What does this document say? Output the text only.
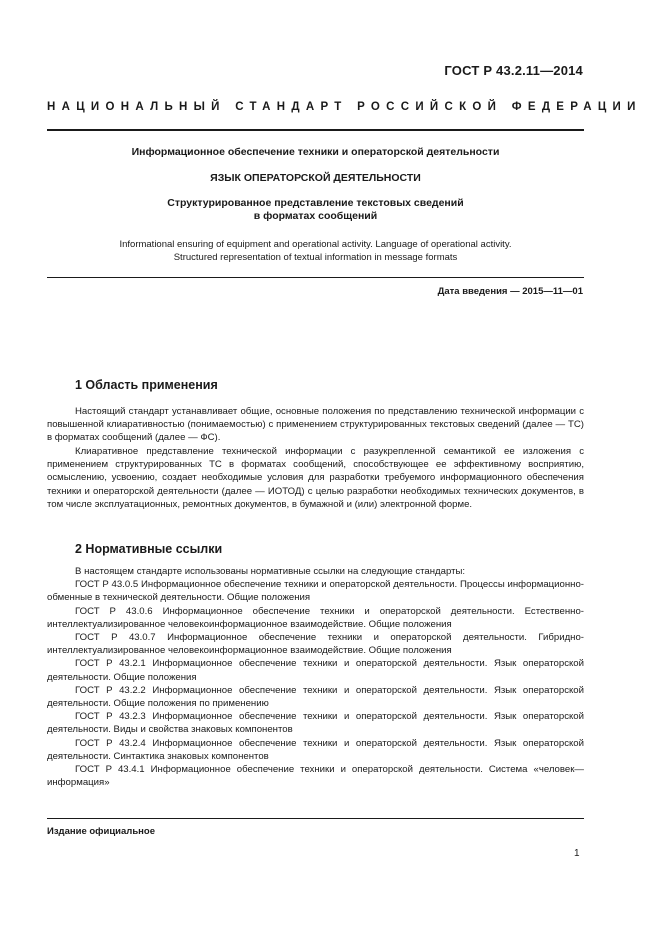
ГОСТ Р 43.2.11—2014
НАЦИОНАЛЬНЫЙ СТАНДАРТ РОССИЙСКОЙ ФЕДЕРАЦИИ
Информационное обеспечение техники и операторской деятельности
ЯЗЫК ОПЕРАТОРСКОЙ ДЕЯТЕЛЬНОСТИ
Структурированное представление текстовых сведений
в форматах сообщений
Informational ensuring of equipment and operational activity. Language of operational activity.
Structured representation of textual information in message formats
Дата введения — 2015—11—01
1 Область применения
Настоящий стандарт устанавливает общие, основные положения по представлению технической информации с повышенной клиаративностью (понимаемостью) с применением структурированных текстовых сведений (далее — ТС) в форматах сообщений (далее — ФС).
Клиаративное представление технической информации с разукрепленной семантикой ее изложения с применением структурированных ТС в форматах сообщений, способствующее ее эффективному восприятию, осмыслению, усвоению, создает необходимые условия для разработки требуемого информационного обеспечения техники и операторской деятельности (далее — ИОТОД) с целью разработки необходимых технических документов, в том числе эксплуатационных, ремонтных документов, в бумажной и (или) электронной форме.
2 Нормативные ссылки

В настоящем стандарте использованы нормативные ссылки на следующие стандарты:

ГОСТ Р 43.0.5 Информационное обеспечение техники и операторской деятельности. Процессы информационно-обменные в технической деятельности. Общие положения

ГОСТ Р 43.0.6 Информационное обеспечение техники и операторской деятельности. Естественно-интеллектуализированное человекоинформационное взаимодействие. Общие положения

ГОСТ Р 43.0.7 Информационное обеспечение техники и операторской деятельности. Гибридно-интеллектуализированное человекоинформационное взаимодействие. Общие положения

ГОСТ Р 43.2.1 Информационное обеспечение техники и операторской деятельности. Язык операторской деятельности. Общие положения

ГОСТ Р 43.2.2 Информационное обеспечение техники и операторской деятельности. Язык операторской деятельности. Общие положения по применению

ГОСТ Р 43.2.3 Информационное обеспечение техники и операторской деятельности. Язык операторской деятельности. Виды и свойства знаковых компонентов

ГОСТ Р 43.2.4 Информационное обеспечение техники и операторской деятельности. Язык операторской деятельности. Синтактика знаковых компонентов

ГОСТ Р 43.4.1 Информационное обеспечение техники и операторской деятельности. Система «человек—информация»

Издание официальное
1
